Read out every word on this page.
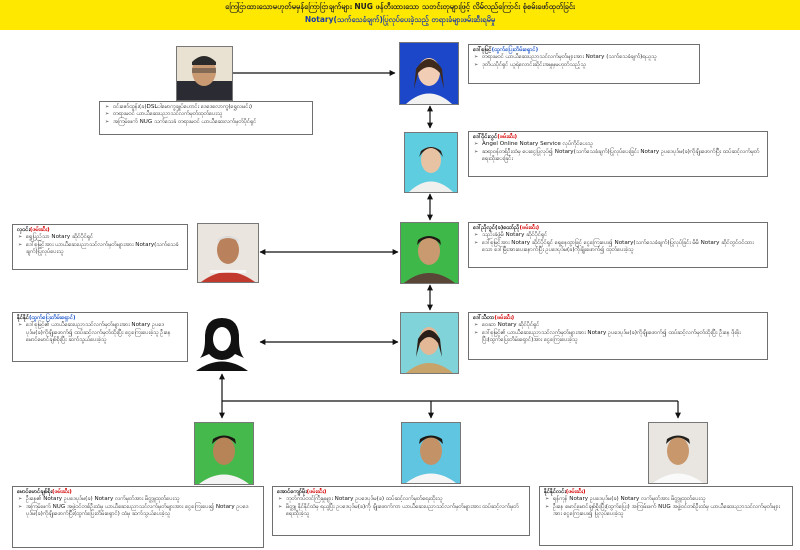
ကြေငြာထားသောမဟုတ်မမှန်ကြောငြာချက်များ NUG ဖန်တီးထားသော သတင်းတုများဖြင့် လိမ်လည်ကြောင်း စုံစမ်းဖော်ထုတ်ခြင်း
Notary(သက်သေခံချက်)ပြုလုပ်ပေးခဲ့သည့် တရားခံများဖမ်းဆီးရမိမှု
➢ ဝင်းဇော်ထွန်း(ခ)DSLပါမောက္ခချုပ်ဟောင်း ဒေဒေလောက္ခ(ရွှေလမင်း)
➢ တရားမဝင် ယာယီဆေးပညာသင်လက်မှတ်ထုတ်ပေးသူ
➢ အကြမ်းဖက် NUG သက်သေခံ တရားမဝင် ယာယီဆေးလက်မှတ်ပိုင်ရှင်
ဒေါ်စုမြင့်(ထွက်ပြေးတိမ်းရှောင်)
➢ တရားမဝင် ယာယီဆေးပညာသင်လက်မှတ်များအား Notary (သက်သေခံချက်)ရယူသူ
➢ ဒုတိယပိုင်ရှင် ယူရဲလောင်းဆိုင်းအမှုမှမဟုတ်သည့်သူ
ဒေါ်ဝိုင်းလွင်(ဖမ်းဆီး)
➢ Angel Online Notary Service လုပ်ကိုင်ပေးသူ
➢ ဆရာဝန်တစ်ဦးထံမှ ပေးငွေပြုလုပ်၍ Notary(သက်သေခံချက်)ပြုလုပ်ပေးခြင်း Notary ဥပဒေပုဒ်မ(ခ)ကိုချိုးဖောက်ပြီး ထပ်ဆင့်လက်မှတ်ရေးထိုးပေးခြင်း
ဒေါ်ညိုလွင်(ခ)ထော်ညို(ဖမ်းဆီး)
➢ သည်းခံဖွံ့မိ Notary ဆိုင်ပိုင်ရှင်
➢ ဒေါ်စုမြင့်အား Notary ဆိုင်ပိုင်ရှင် ရှေ့နေထွာဖြင့် ငွေကြေးပေး၍ Notary(သက်သေခံချက်)ပြုလုပ်ခြင်း မိမိ Notary ဆိုင်တွင်ဝင်ထားသော ဒေါ်မြီးအားပေးနောက်ပြီး ဥပဒေပုဒ်မ(ခ)ကိုချိုးဖောက်၍ ထုတ်ပေးခဲ့သူ
လှဝင်း(ဖမ်းဆီး)
➢ ရွှေပြည်သာ Notary ဆိုင်ပိုင်ရှင်
➢ ဒေါ်စုမြင့်အား ယာယီဆေးပညာသင်လက်မှတ်များအား Notary(သက်သေခံချက်)ပြုလုပ်ပေးသူ
ဒေါ်သီတာ(ဖမ်းဆီး)
➢ ဝေဆာ Notary ဆိုင်ပိုင်ရှင်
➢ ဒေါ်စုမြင့်၏ ယာယီဆေးပညာသင်လက်မှတ်များအား Notary ဥပဒေပုဒ်မ(ခ)ကိုချိုးဖောက်၍ ထပ်ဆင့်လက်မှတ်ထိုးပြီး ဦးနေ ဖိုးဖိုးပြီး(ထွက်ပြေးတိမ်းရှောင်)အား ငွေကြေးပေးခဲ့သူ
နိုင်နိုင်(ထွက်ပြေးတိမ်းရှောင်)
➢ ဒေါ်စုမြင့်၏ ယာယီဆေးပညာသင်လက်မှတ်များအား Notary ဥပဒေပုဒ်မ(ခ)ကိုချိုးဖောက်၍ ထပ်ဆင့်လက်မှတ်ထိုးပြီး ငွေကြေးပေးခဲ့သူ ဦးနေ မောင်မောင်ချစ်စိုးပြီး ဆက်သွယ်ပေးခဲ့သူ
မောင်မောင်ချစ်စိုး(ဖမ်းဆီး)
➢ ဦးနေ၏ Notary ဥပဒေပုဒ်မ(ခ) Notary လက်မှတ်အား မိတ္တူထုတ်ပေးသူ
➢ အကြမ်းဖက် NUG အဖွဲ့ဝင်တစ်ဦးထံမှ ယာယီဆေးပညာသင်လက်မှတ်များအား ငွေကြေးပေး၍ Notary ဥပဒေပုဒ်မ(ခ)ကိုချိုးဖောက်ပြီး(ထွက်ပြေးတိမ်းရှောင်) ထံမှ ဆက်သွယ်ပေးခဲ့သူ
အောင်ကျော်မိုး(ဖမ်းဆီး)
➢ ဘုတ်ကပ်တင်ကြီးမှုများ Notary ဥပဒေပုဒ်မ(ခ) ထပ်ဆင့်လက်မှတ်ရေးထိုးသူ
➢ မိတ္တူ နိုင်နိုင်ထံမှ ရယူပြီး ဥပဒေပုဒ်မ(ခ)ကို ချိုးဖောက်ကာ ယာယီဆေးပညာသင်လက်မှတ်များအား ထပ်ဆင့်လက်မှတ်ရေးထိုးခဲ့သူ
နိုင်နိုင်လင်း(ဖမ်းဆီး)
➢ ရန်ကုန် Notary ဥပဒေပုဒ်မ(ခ) Notary လက်မှတ်အား မိတ္တူထုတ်ပေးသူ
➢ ဦးနေ မောင်မောင်ချစ်စိုးပြီး(ထွက်ပြေး) အကြမ်းဖက် NUG အဖွဲ့ဝင်တစ်ဦးထံမှ ယာယီဆေးပညာသင်လက်မှတ်များအား ငွေကြေးပေး၍ ပြုလုပ်ပေးခဲ့သူ
